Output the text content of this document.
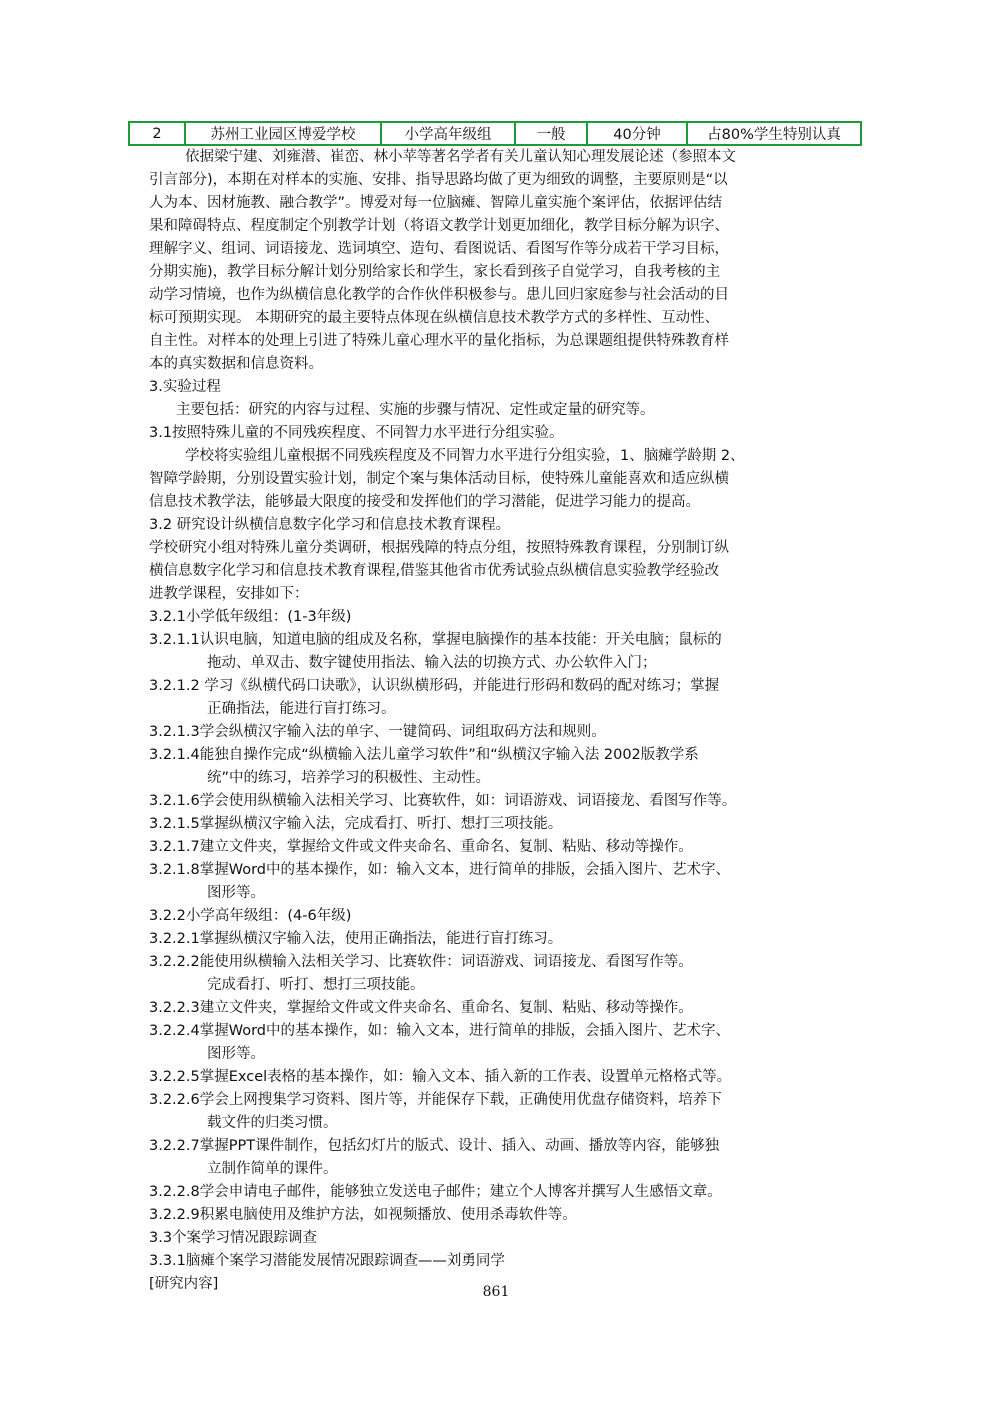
2	苏州工业园区博爱学校	小学高年级组	一般	40分钟	占80%学生特别认真
依据梁宁建、刘雍潜、崔峦、林小苹等著名学者有关儿童认知心理发展论述（参照本文
引言部分)，本期在对样本的实施、安排、指导思路均做了更为细致的调整，主要原则是“以
人为本、因材施教、融合教学”。博爱对每一位脑瘫、智障儿童实施个案评估，依据评估结
果和障碍特点、程度制定个别教学计划（将语文教学计划更加细化，教学目标分解为识字、
理解字义、组词、词语接龙、选词填空、造句、看图说话、看图写作等分成若干学习目标，
分期实施)，教学目标分解计划分别给家长和学生，家长看到孩子自觉学习，自我考核的主
动学习情境，也作为纵横信息化教学的合作伙伴积极参与。患儿回归家庭参与社会活动的目
标可预期实现。 本期研究的最主要特点体现在纵横信息技术教学方式的多样性、互动性、
自主性。对样本的处理上引进了特殊儿童心理水平的量化指标，为总课题组提供特殊教育样
本的真实数据和信息资料。
3.实验过程
主要包括：研究的内容与过程、实施的步骤与情况、定性或定量的研究等。
3.1按照特殊儿童的不同残疾程度、不同智力水平进行分组实验。
学校将实验组儿童根据不同残疾程度及不同智力水平进行分组实验，1、脑瘫学龄期 2、
智障学龄期，分别设置实验计划，制定个案与集体活动目标，使特殊儿童能喜欢和适应纵横
信息技术教学法，能够最大限度的接受和发挥他们的学习潜能，促进学习能力的提高。
3.2 研究设计纵横信息数字化学习和信息技术教育课程。
学校研究小组对特殊儿童分类调研，根据残障的特点分组，按照特殊教育课程，分别制订纵
横信息数字化学习和信息技术教育课程,借鉴其他省市优秀试验点纵横信息实验教学经验改
进教学课程，安排如下：
3.2.1小学低年级组：(1-3年级)
3.2.1.1认识电脑，知道电脑的组成及名称，掌握电脑操作的基本技能：开关电脑；鼠标的
拖动、单双击、数字键使用指法、输入法的切换方式、办公软件入门；
3.2.1.2 学习《纵横代码口诀歌》，认识纵横形码，并能进行形码和数码的配对练习；掌握
正确指法，能进行盲打练习。
3.2.1.3学会纵横汉字输入法的单字、一键简码、词组取码方法和规则。
3.2.1.4能独自操作完成“纵横输入法儿童学习软件”和“纵横汉字输入法 2002版教学系
统”中的练习，培养学习的积极性、主动性。
3.2.1.6学会使用纵横输入法相关学习、比赛软件，如：词语游戏、词语接龙、看图写作等。
3.2.1.5掌握纵横汉字输入法，完成看打、听打、想打三项技能。
3.2.1.7建立文件夹，掌握给文件或文件夹命名、重命名、复制、粘贴、移动等操作。
3.2.1.8掌握Word中的基本操作，如：输入文本，进行简单的排版，会插入图片、艺术字、
图形等。
3.2.2小学高年级组：(4-6年级)
3.2.2.1掌握纵横汉字输入法，使用正确指法，能进行盲打练习。
3.2.2.2能使用纵横输入法相关学习、比赛软件：词语游戏、词语接龙、看图写作等。
完成看打、听打、想打三项技能。
3.2.2.3建立文件夹，掌握给文件或文件夹命名、重命名、复制、粘贴、移动等操作。
3.2.2.4掌握Word中的基本操作，如：输入文本，进行简单的排版，会插入图片、艺术字、
图形等。
3.2.2.5掌握Excel表格的基本操作，如：输入文本、插入新的工作表、设置单元格格式等。
3.2.2.6学会上网搜集学习资料、图片等，并能保存下载，正确使用优盘存储资料，培养下
载文件的归类习惯。
3.2.2.7掌握PPT课件制作，包括幻灯片的版式、设计、插入、动画、播放等内容，能够独
立制作简单的课件。
3.2.2.8学会申请电子邮件，能够独立发送电子邮件；建立个人博客并撰写人生感悟文章。
3.2.2.9积累电脑使用及维护方法，如视频播放、使用杀毒软件等。
3.3个案学习情况跟踪调查
3.3.1脑瘫个案学习潜能发展情况跟踪调查——刘勇同学
[研究内容]	861
